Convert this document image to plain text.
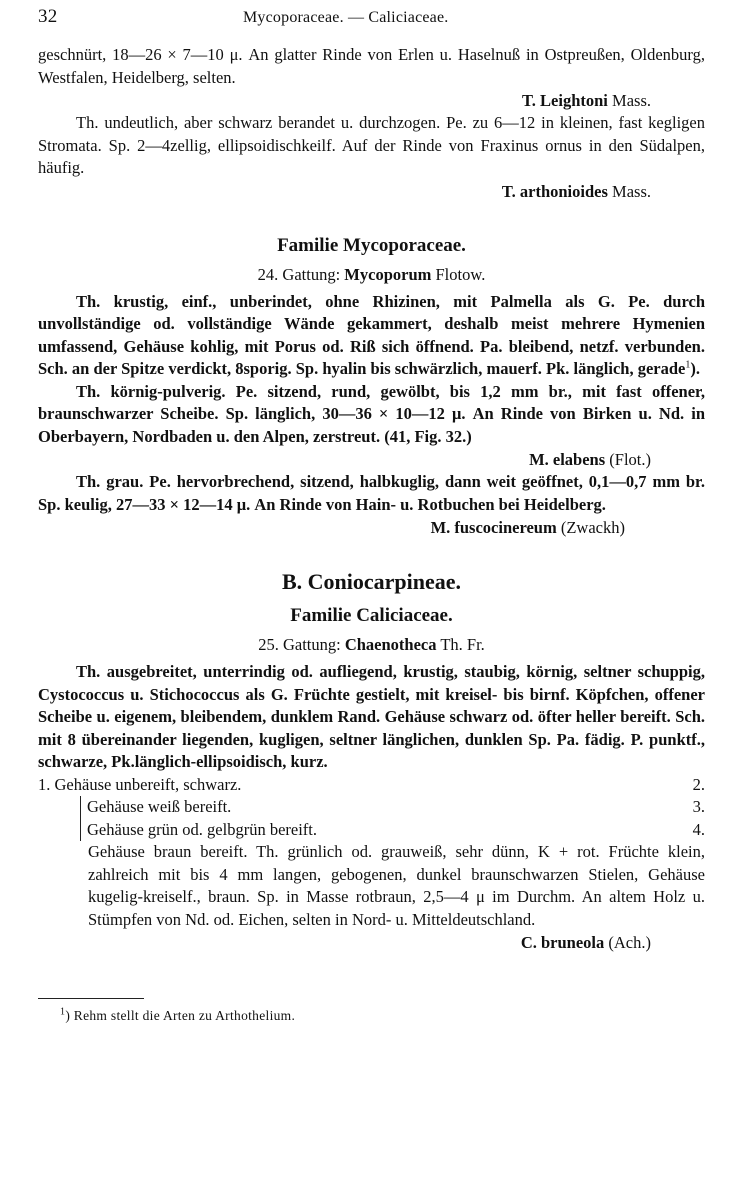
32	Mycoporaceae. — Caliciaceae.

geschnürt, 18—26 × 7—10 μ. An glatter Rinde von Erlen u. Haselnuß in Ostpreußen, Oldenburg, Westfalen, Heidelberg, selten.

T. Leightoni Mass.

Th. undeutlich, aber schwarz berandet u. durchzogen. Pe. zu 6—12 in kleinen, fast kegligen Stromata. Sp. 2—4zellig, ellipsoidischkeilf. Auf der Rinde von Fraxinus ornus in den Südalpen, häufig.

T. arthonioides Mass.

Familie Mycoporaceae.
24. Gattung: Mycoporum Flotow.

Th. krustig, einf., unberindet, ohne Rhizinen, mit Palmella als G. Pe. durch unvollständige od. vollständige Wände gekammert, deshalb meist mehrere Hymenien umfassend, Gehäuse kohlig, mit Porus od. Riß sich öffnend. Pa. bleibend, netzf. verbunden. Sch. an der Spitze verdickt, 8sporig. Sp. hyalin bis schwärzlich, mauerf. Pk. länglich, gerade$^1$).

Th. körnig-pulverig. Pe. sitzend, rund, gewölbt, bis 1,2 mm br., mit fast offener, braunschwarzer Scheibe. Sp. länglich, 30—36 × 10—12 μ. An Rinde von Birken u. Nd. in Oberbayern, Nordbaden u. den Alpen, zerstreut. (41, Fig. 32.)

M. elabens (Flot.)

Th. grau. Pe. hervorbrechend, sitzend, halbkuglig, dann weit geöffnet, 0,1—0,7 mm br. Sp. keulig, 27—33 × 12—14 μ. An Rinde von Hain- u. Rotbuchen bei Heidelberg.

M. fuscocinereum (Zwackh)

B. Coniocarpineae.
Familie Caliciaceae.
25. Gattung: Chaenotheca Th. Fr.

Th. ausgebreitet, unterrindig od. aufliegend, krustig, staubig, körnig, seltner schuppig, Cystococcus u. Stichococcus als G. Früchte gestielt, mit kreisel- bis birnf. Köpfchen, offener Scheibe u. eigenem, bleibendem, dunklem Rand. Gehäuse schwarz od. öfter heller bereift. Sch. mit 8 übereinander liegenden, kugligen, seltner länglichen, dunklen Sp. Pa. fädig. P. punktf., schwarze, Pk.länglich-ellipsoidisch, kurz.

1. Gehäuse unbereift, schwarz.	2.
Gehäuse weiß bereift.	3.
Gehäuse grün od. gelbgrün bereift.	4.

Gehäuse braun bereift. Th. grünlich od. grauweiß, sehr dünn, K + rot. Früchte klein, zahlreich mit bis 4 mm langen, gebogenen, dunkel braunschwarzen Stielen, Gehäuse kugelig-kreiself., braun. Sp. in Masse rotbraun, 2,5—4 μ im Durchm. An altem Holz u. Stümpfen von Nd. od. Eichen, selten in Nord- u. Mitteldeutschland.

C. bruneola (Ach.)

$^1$) Rehm stellt die Arten zu Arthothelium.
